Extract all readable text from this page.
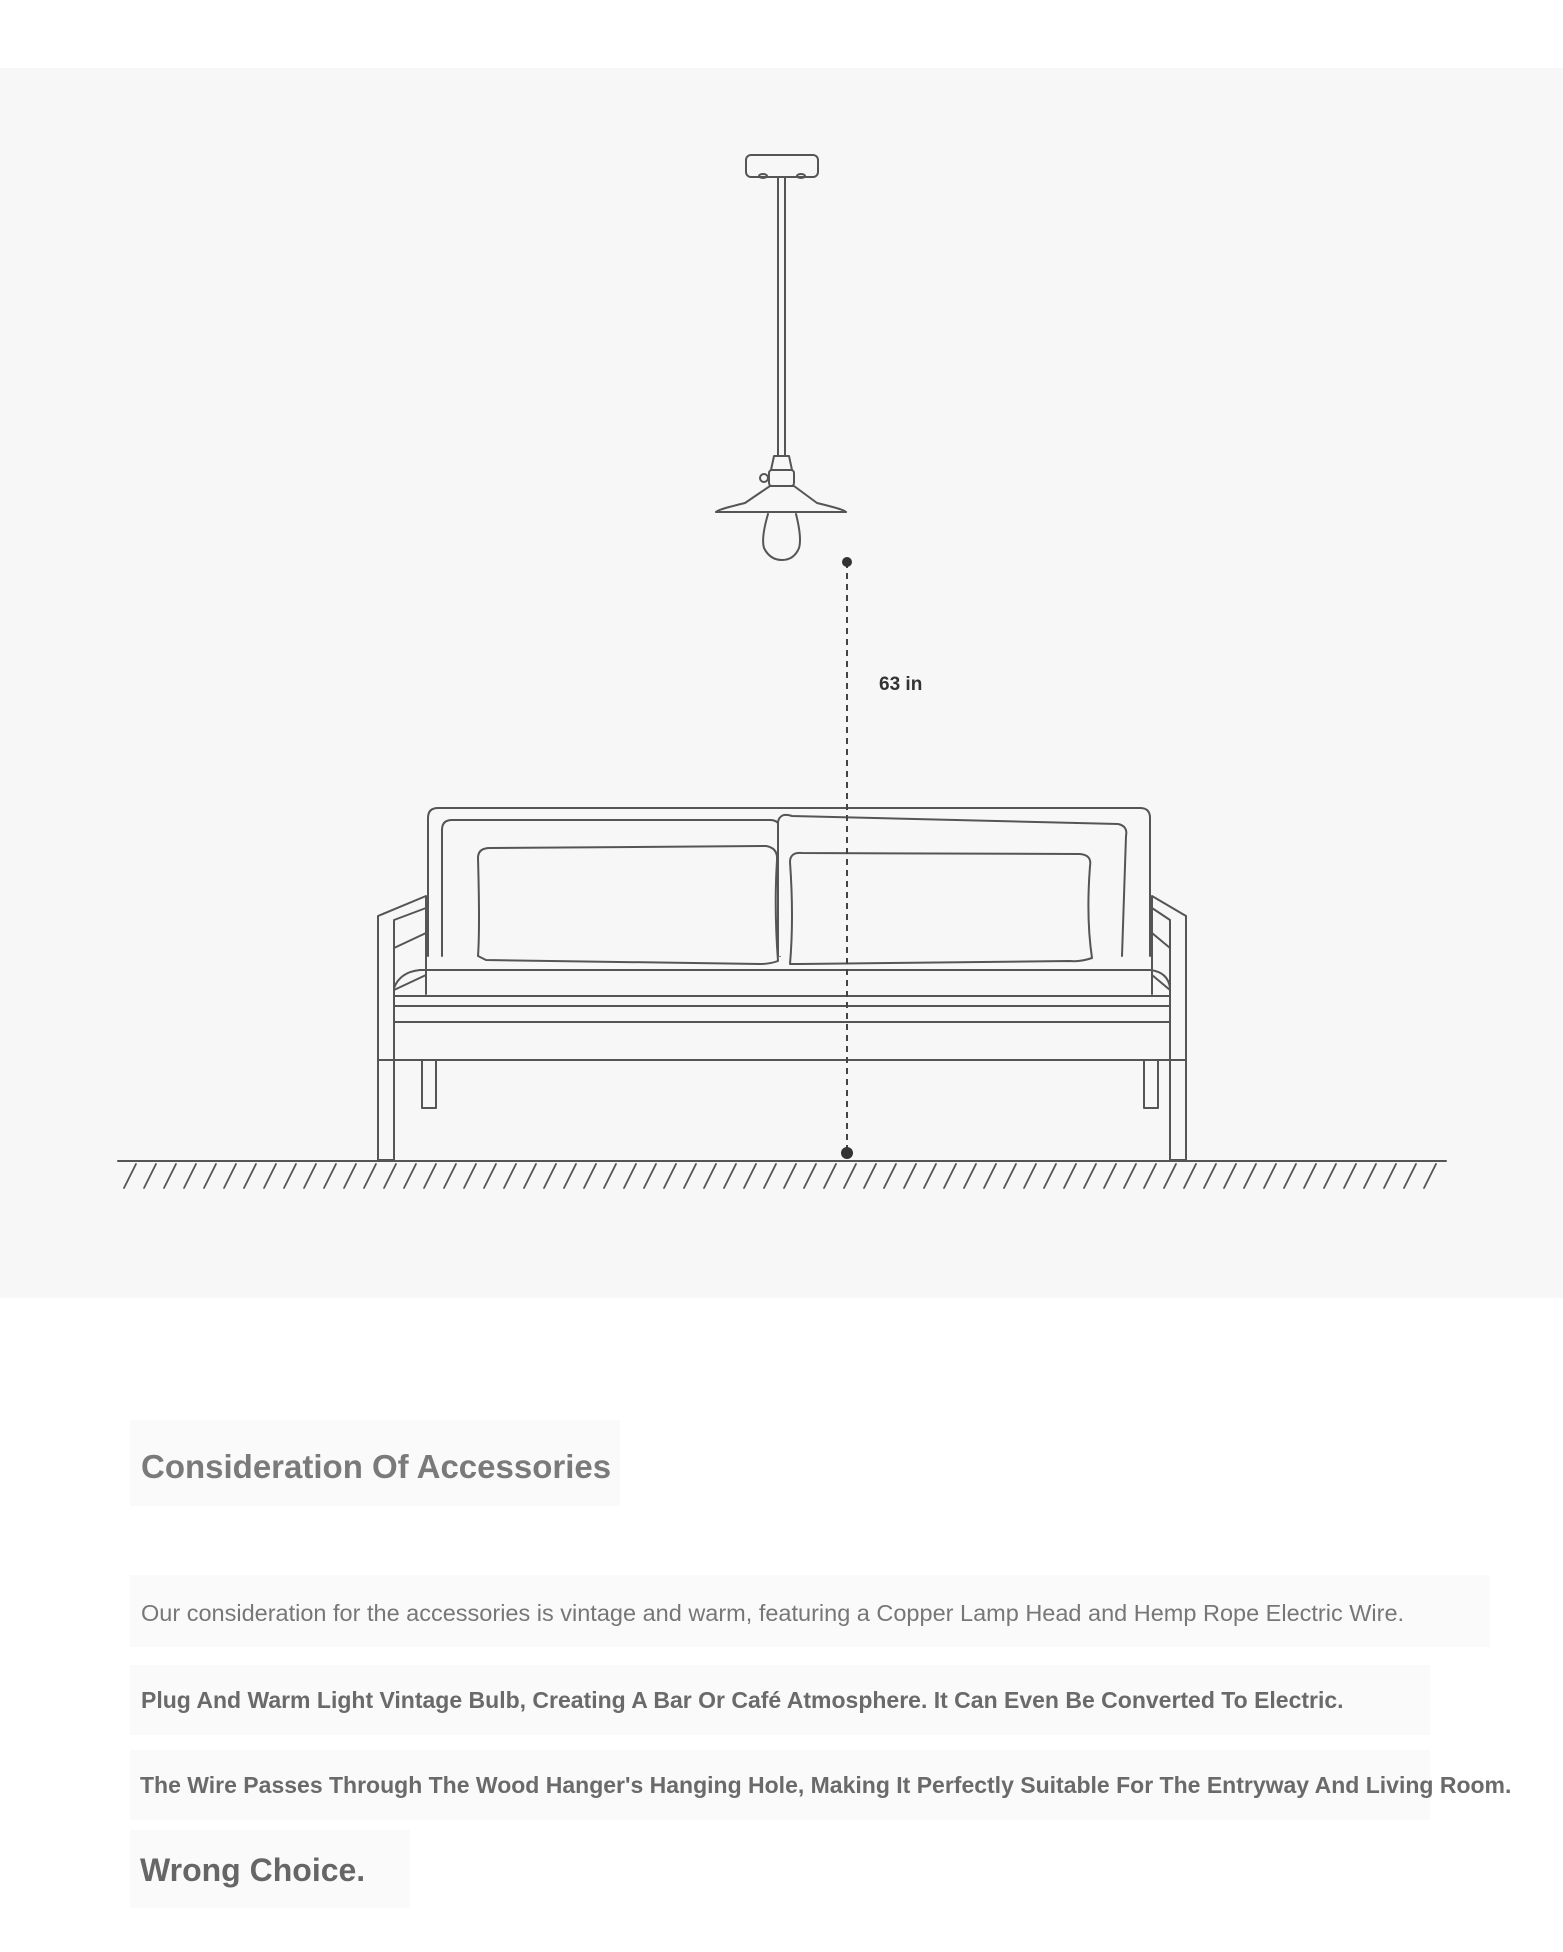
63 in
Consideration Of Accessories
Our consideration for the accessories is vintage and warm, featuring a Copper Lamp Head and Hemp Rope Electric Wire.
Plug And Warm Light Vintage Bulb, Creating A Bar Or Café Atmosphere. It Can Even Be Converted To Electric.
The Wire Passes Through The Wood Hanger's Hanging Hole, Making It Perfectly Suitable For The Entryway And Living Room.
Wrong Choice.
